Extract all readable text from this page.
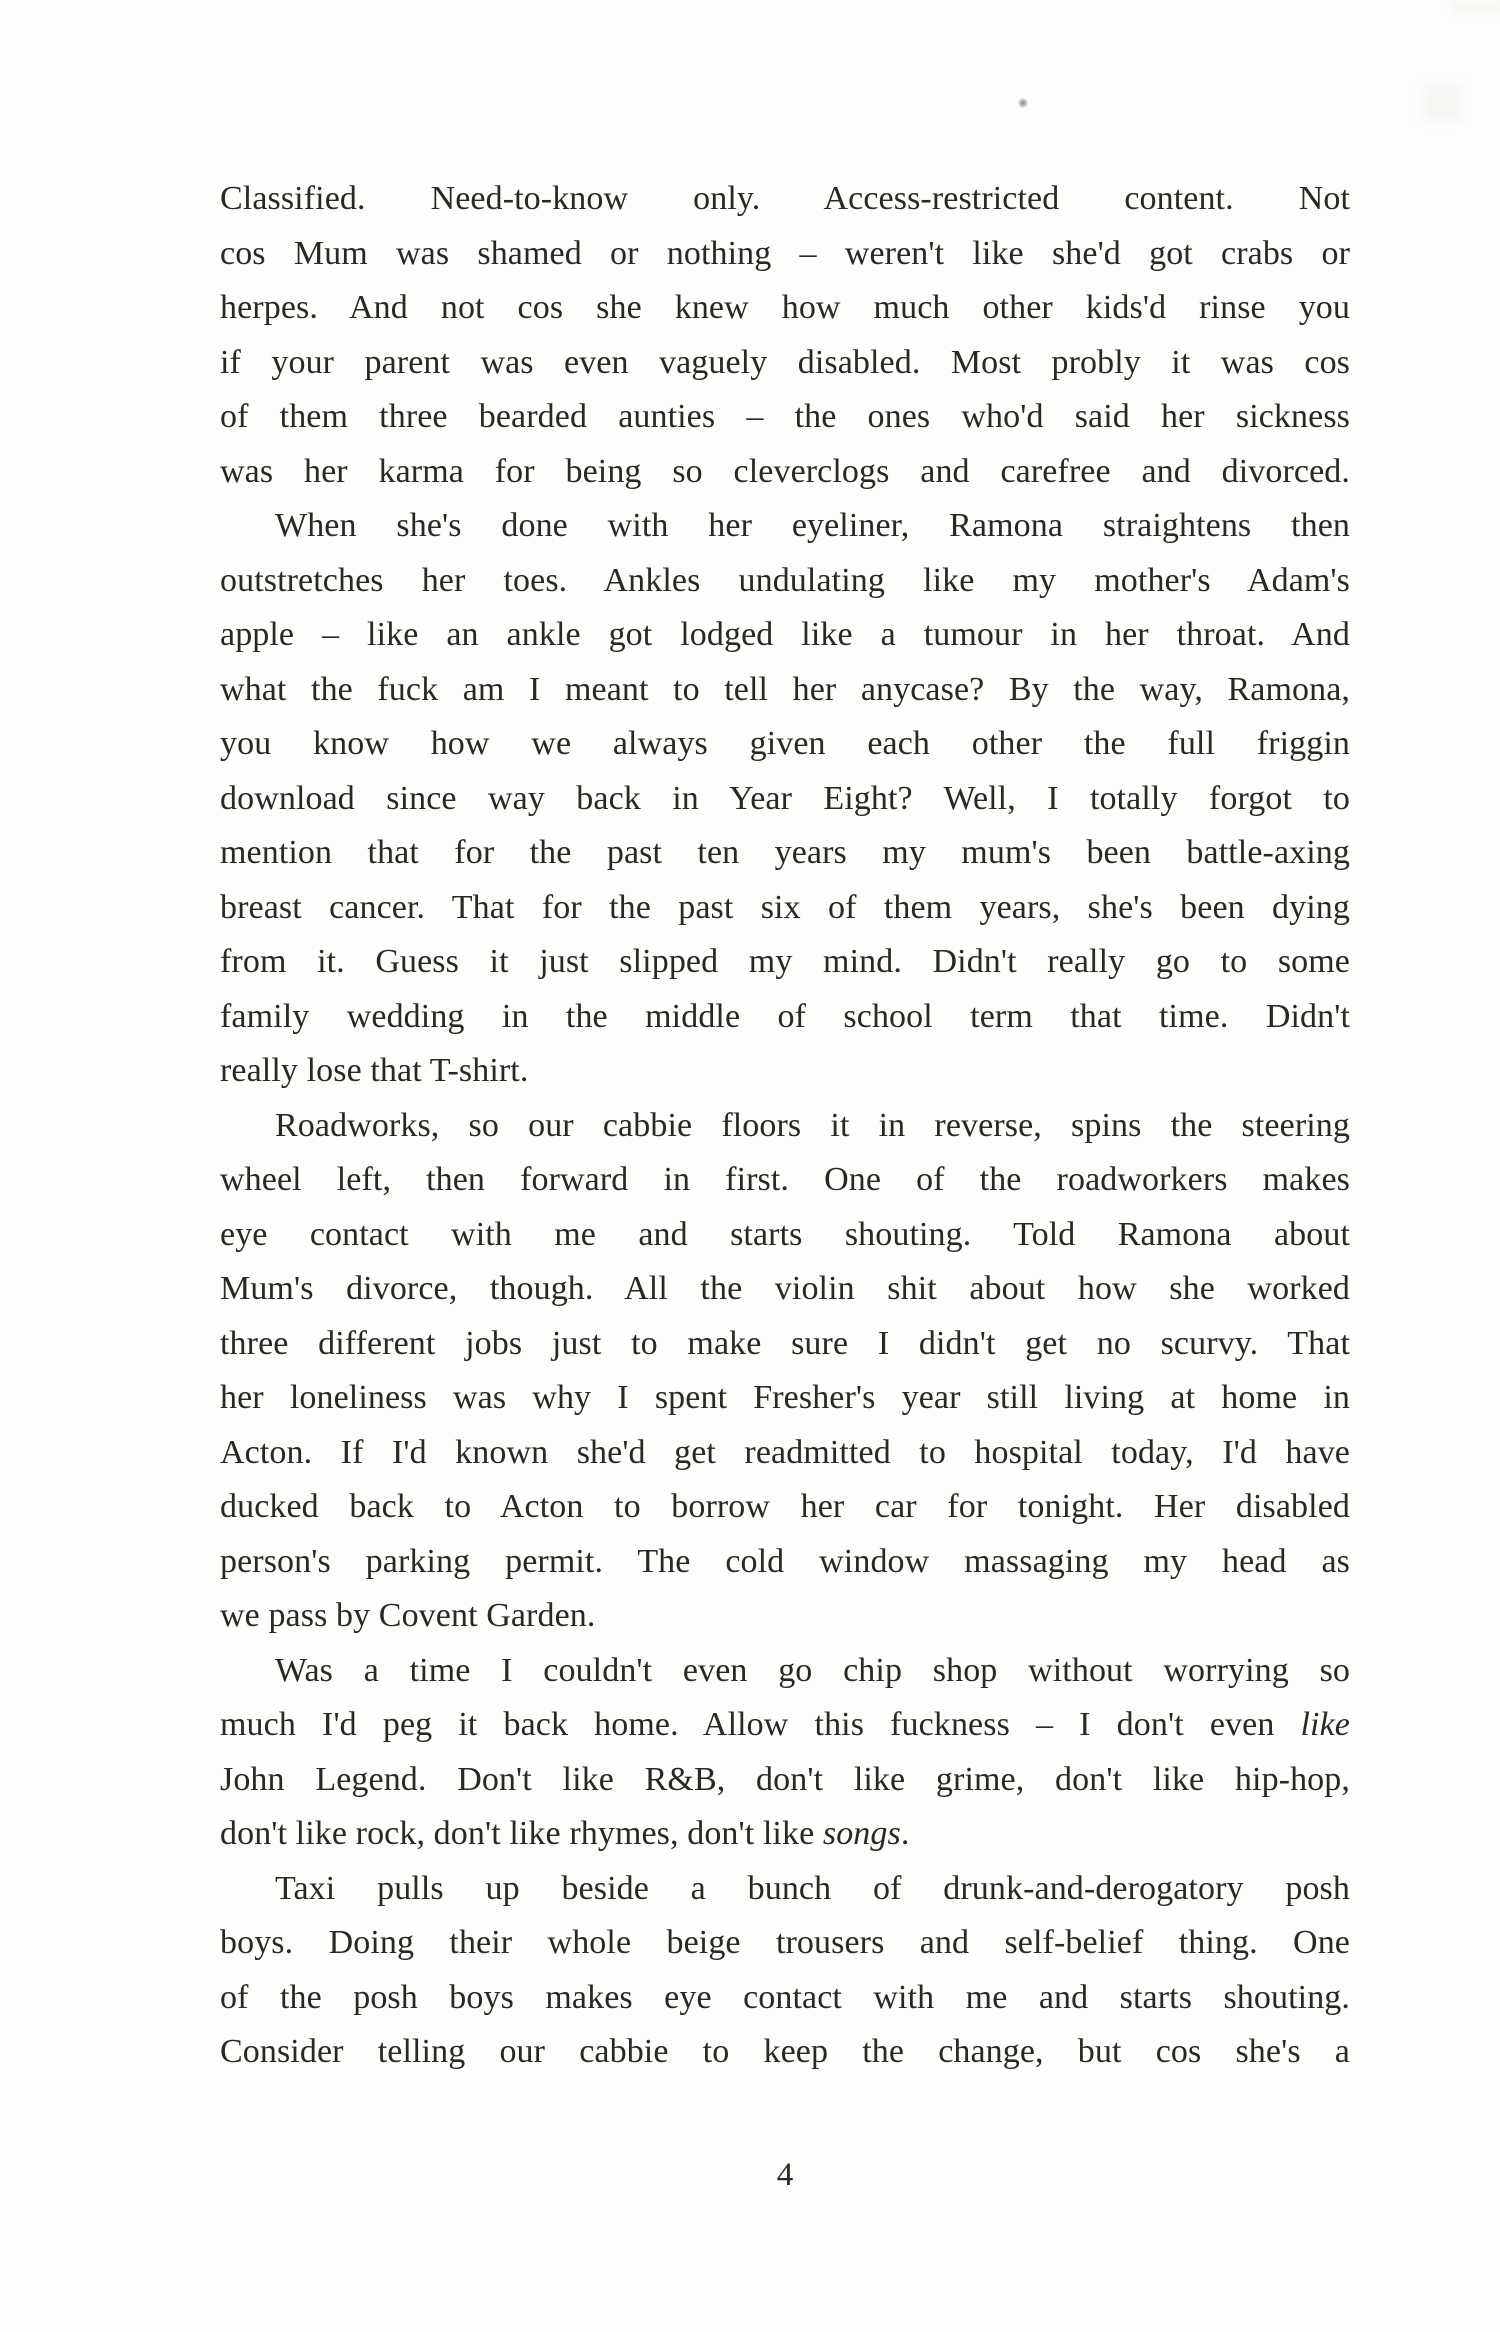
Classified. Need-to-know only. Access-restricted content. Not
cos Mum was shamed or nothing – weren't like she'd got crabs or
herpes. And not cos she knew how much other kids'd rinse you
if your parent was even vaguely disabled. Most probly it was cos
of them three bearded aunties – the ones who'd said her sickness
was her karma for being so cleverclogs and carefree and divorced.
When she's done with her eyeliner, Ramona straightens then
outstretches her toes. Ankles undulating like my mother's Adam's
apple – like an ankle got lodged like a tumour in her throat. And
what the fuck am I meant to tell her anycase? By the way, Ramona,
you know how we always given each other the full friggin
download since way back in Year Eight? Well, I totally forgot to
mention that for the past ten years my mum's been battle-axing
breast cancer. That for the past six of them years, she's been dying
from it. Guess it just slipped my mind. Didn't really go to some
family wedding in the middle of school term that time. Didn't
really lose that T-shirt.
Roadworks, so our cabbie floors it in reverse, spins the steering
wheel left, then forward in first. One of the roadworkers makes
eye contact with me and starts shouting. Told Ramona about
Mum's divorce, though. All the violin shit about how she worked
three different jobs just to make sure I didn't get no scurvy. That
her loneliness was why I spent Fresher's year still living at home in
Acton. If I'd known she'd get readmitted to hospital today, I'd have
ducked back to Acton to borrow her car for tonight. Her disabled
person's parking permit. The cold window massaging my head as
we pass by Covent Garden.
Was a time I couldn't even go chip shop without worrying so
much I'd peg it back home. Allow this fuckness – I don't even like
John Legend. Don't like R&B, don't like grime, don't like hip-hop,
don't like rock, don't like rhymes, don't like songs.
Taxi pulls up beside a bunch of drunk-and-derogatory posh
boys. Doing their whole beige trousers and self-belief thing. One
of the posh boys makes eye contact with me and starts shouting.
Consider telling our cabbie to keep the change, but cos she's a
4
